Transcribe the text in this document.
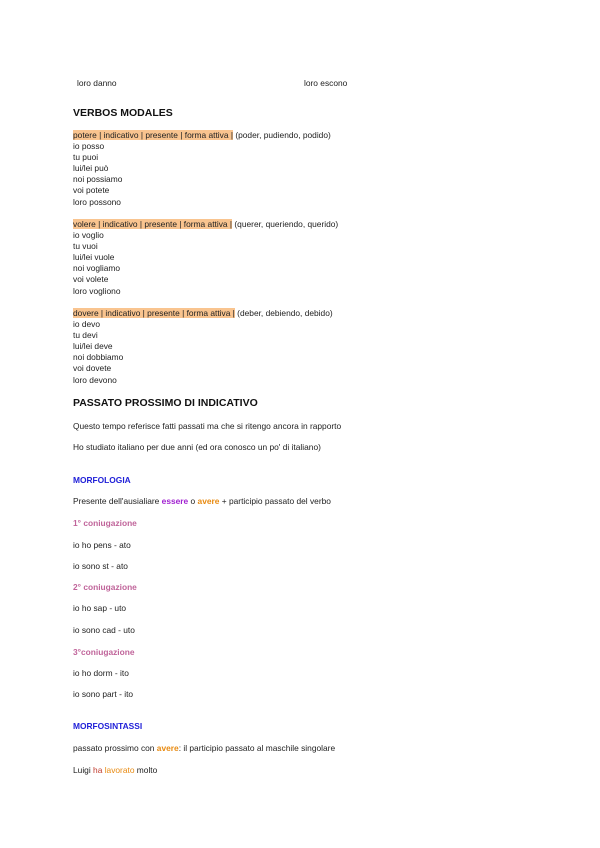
loro danno	loro escono
VERBOS MODALES
potere | indicativo | presente | forma attiva | (poder, pudiendo, podido)
io posso
tu puoi
lui/lei può
noi possiamo
voi potete
loro possono
volere | indicativo | presente | forma attiva | (querer, queriendo, querido)
io voglio
tu vuoi
lui/lei vuole
noi vogliamo
voi volete
loro vogliono
dovere | indicativo | presente | forma attiva | (deber, debiendo, debido)
io devo
tu devi
lui/lei deve
noi dobbiamo
voi dovete
loro devono
PASSATO PROSSIMO DI INDICATIVO
Questo tempo referisce fatti passati ma che si ritengo ancora in rapporto
Ho studiato italiano per due anni (ed ora conosco un po' di italiano)
MORFOLOGIA
Presente dell'ausialiare essere o avere + participio passato del verbo
1° coniugazione
io ho pens - ato
io sono st - ato
2° coniugazione
io ho sap - uto
io sono cad - uto
3°coniugazione
io ho dorm - ito
io sono part - ito
MORFOSINTASSI
passato prossimo con avere: il participio passato al maschile singolare
Luigi ha lavorato molto
